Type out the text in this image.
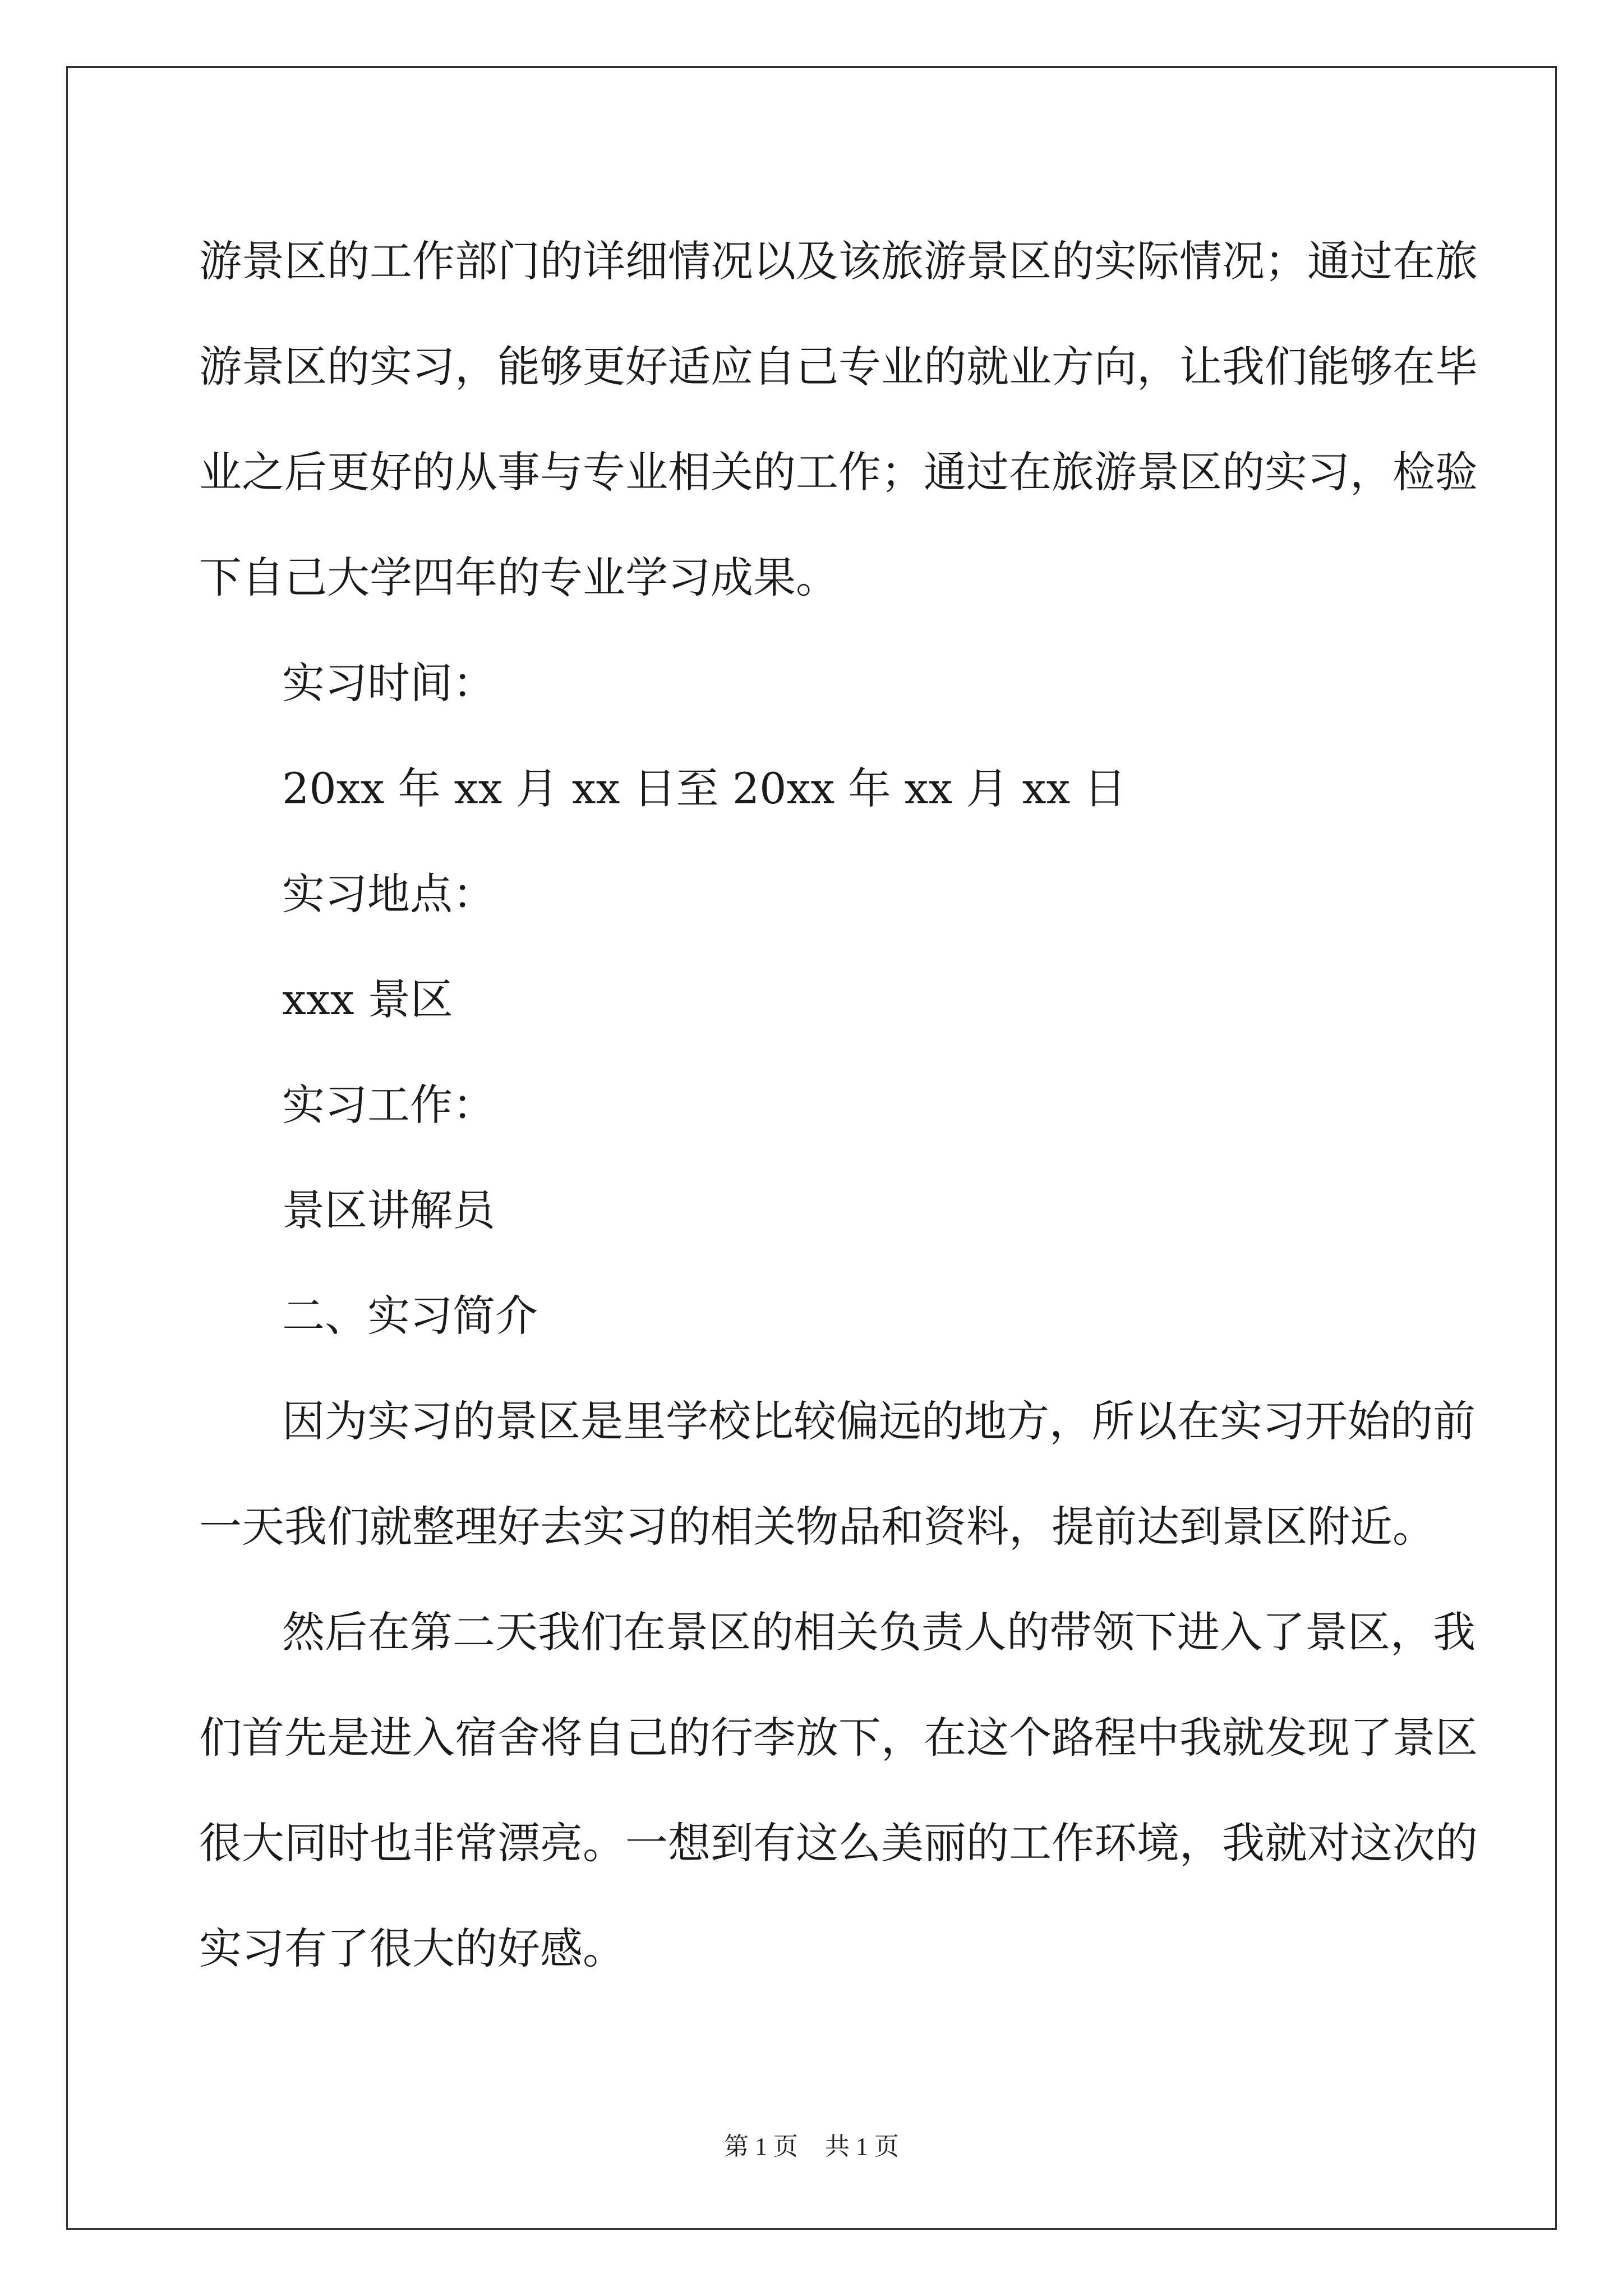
游景区的工作部门的详细情况以及该旅游景区的实际情况；通过在旅
游景区的实习，能够更好适应自己专业的就业方向，让我们能够在毕
业之后更好的从事与专业相关的工作；通过在旅游景区的实习，检验
下自己大学四年的专业学习成果。
实习时间：
20xx 年 xx 月 xx 日至 20xx 年 xx 月 xx 日
实习地点：
xxx 景区
实习工作：
景区讲解员
二、实习简介
因为实习的景区是里学校比较偏远的地方，所以在实习开始的前
一天我们就整理好去实习的相关物品和资料，提前达到景区附近。
然后在第二天我们在景区的相关负责人的带领下进入了景区，我
们首先是进入宿舍将自己的行李放下，在这个路程中我就发现了景区
很大同时也非常漂亮。一想到有这么美丽的工作环境，我就对这次的
实习有了很大的好感。
第 1 页 共 1 页
